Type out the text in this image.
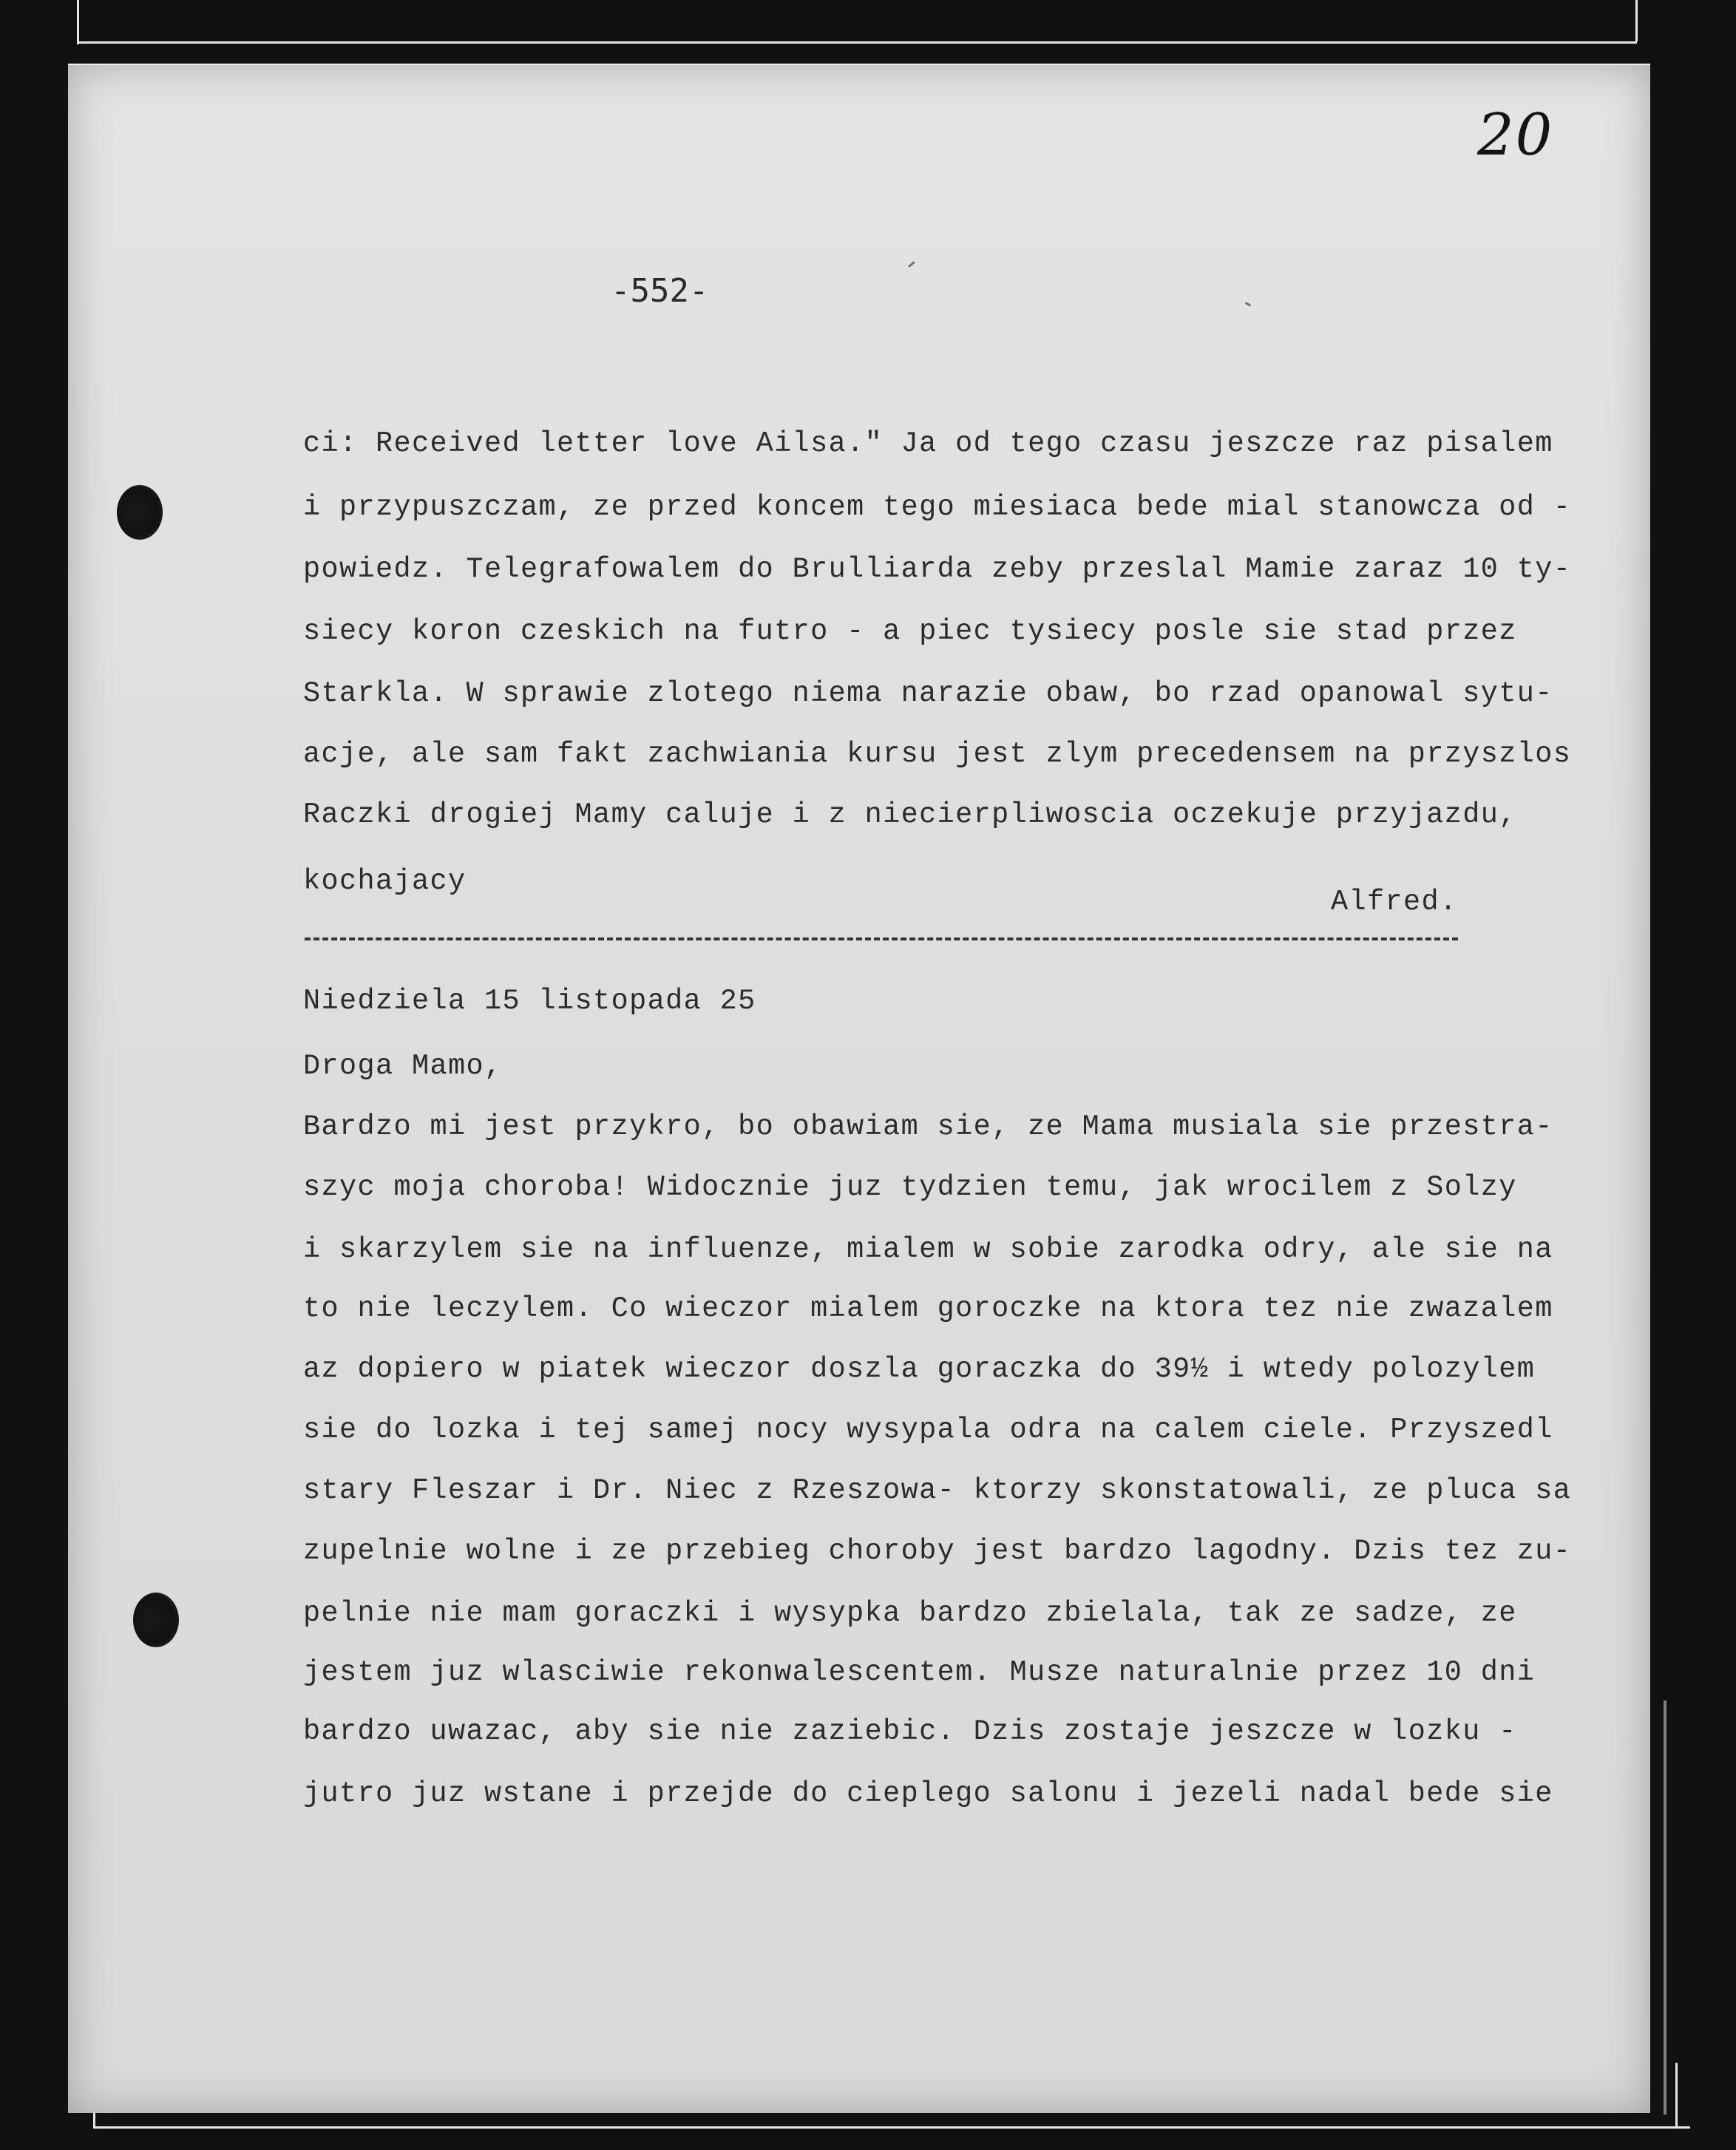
20
-552-
ci: Received letter love Ailsa." Ja od tego czasu jeszcze raz pisalem
i przypuszczam, ze przed koncem tego miesiaca bede mial stanowcza od -
powiedz. Telegrafowalem do Brulliarda zeby przeslal Mamie zaraz 10 ty-
siecy koron czeskich na futro - a piec tysiecy posle sie stad przez
Starkla. W sprawie zlotego niema narazie obaw, bo rzad opanowal sytu-
acje, ale sam fakt zachwiania kursu jest zlym precedensem na przyszlos
Raczki drogiej Mamy caluje i z niecierpliwoscia oczekuje przyjazdu,
kochajacy
Alfred.
Niedziela 15 listopada 25
Droga Mamo,
Bardzo mi jest przykro, bo obawiam sie, ze Mama musiala sie przestra-
szyc moja choroba! Widocznie juz tydzien temu, jak wrocilem z Solzy
i skarzylem sie na influenze, mialem w sobie zarodka odry, ale sie na
to nie leczylem. Co wieczor mialem goroczke na ktora tez nie zwazalem
az dopiero w piatek wieczor doszla goraczka do 39½ i wtedy polozylem
sie do lozka i tej samej nocy wysypala odra na calem ciele. Przyszedl
stary Fleszar i Dr. Niec z Rzeszowa- ktorzy skonstatowali, ze pluca sa
zupelnie wolne i ze przebieg choroby jest bardzo lagodny. Dzis tez zu-
pelnie nie mam goraczki i wysypka bardzo zbielala, tak ze sadze, ze
jestem juz wlasciwie rekonwalescentem. Musze naturalnie przez 10 dni
bardzo uwazac, aby sie nie zaziebic. Dzis zostaje jeszcze w lozku -
jutro juz wstane i przejde do cieplego salonu i jezeli nadal bede sie
